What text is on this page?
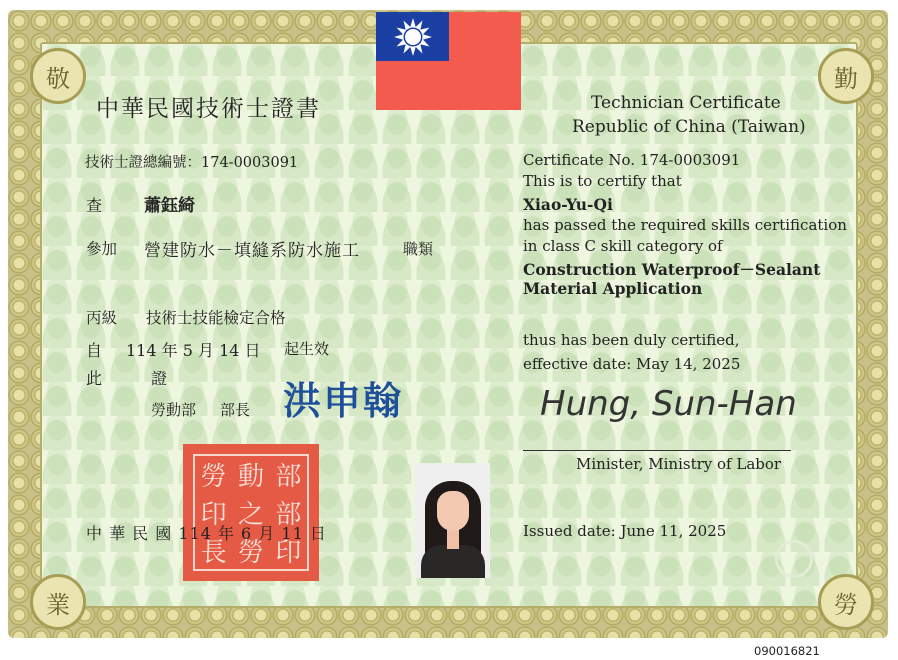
敬	勤
業	勞
中華民國技術士證書
技術士證總編號：174-0003091
查 蕭鈺綺
參加 營建防水－填縫系防水施工	職類
丙級 技術士技能檢定合格
自 114 年 5 月 14 日 起生效
此	證
勞動部 部長 洪申翰
勞 動 部
印 之 部
長 勞 印
中 華 民 國 114 年 6 月 11 日
Technician Certificate
Republic of China (Taiwan)
Certificate No. 174-0003091
This is to certify that
Xiao-Yu-Qi
has passed the required skills certification
in class C skill category of
Construction Waterproof－Sealant
Material Application
thus has been duly certified,
effective date: May 14, 2025
Hung, Sun-Han
Minister, Ministry of Labor
Issued date: June 11, 2025
090016821
